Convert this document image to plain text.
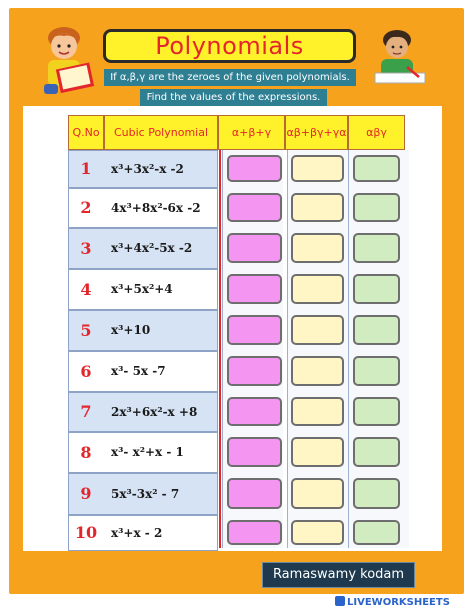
Polynomials
If α,β,γ are the zeroes of the given polynomials.
Find the values of the expressions.
Q.No	Cubic Polynomial	α+β+γ	αβ+βγ+γα	αβγ
1	x³+3x²-x -2
2	4x³+8x²-6x -2
3	x³+4x²-5x -2
4	x³+5x²+4
5	x³+10
6	x³- 5x -7
7	2x³+6x²-x +8
8	x³- x²+x - 1
9	5x³-3x² - 7
10	x³+x - 2
Ramaswamy kodam
LIVEWORKSHEETS
